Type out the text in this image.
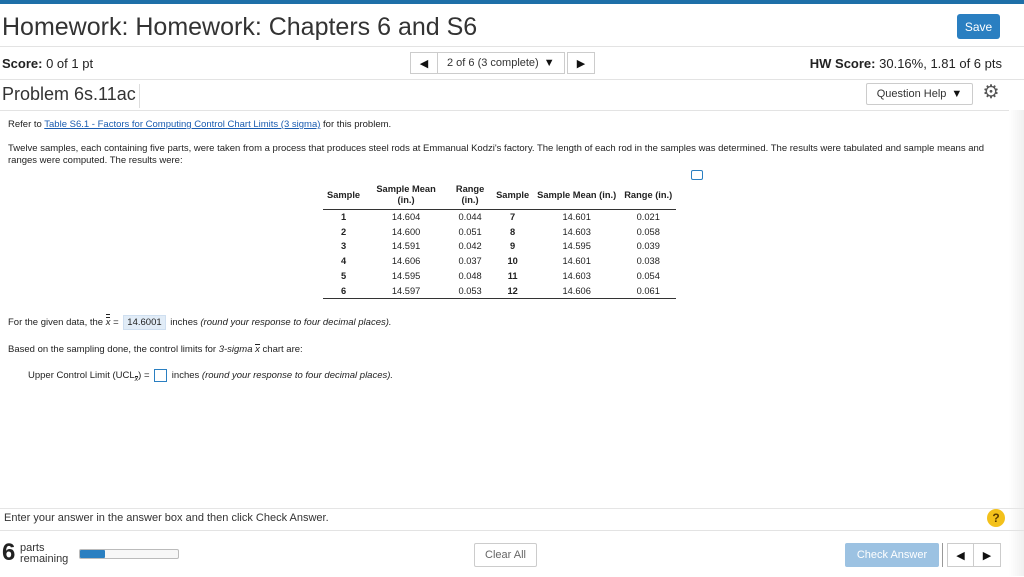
Homework: Homework: Chapters 6 and S6	Save
Score: 0 of 1 pt	◀ 2 of 6 (3 complete) ▼ ▶	HW Score: 30.16%, 1.81 of 6 pts
Problem 6s.11ac	Question Help ▼ ⚙
Refer to Table S6.1 - Factors for Computing Control Chart Limits (3 sigma) for this problem.
Twelve samples, each containing five parts, were taken from a process that produces steel rods at Emmanual Kodzi's factory. The length of each rod in the samples was determined. The results were tabulated and sample means and ranges were computed. The results were:
Sample	Sample Mean (in.)	Range (in.)	Sample	Sample Mean (in.)	Range (in.)
1	14.604	0.044	7	14.601	0.021
2	14.600	0.051	8	14.603	0.058
3	14.591	0.042	9	14.595	0.039
4	14.606	0.037	10	14.601	0.038
5	14.595	0.048	11	14.603	0.054
6	14.597	0.053	12	14.606	0.061
For the given data, the x = 14.6001 inches (round your response to four decimal places).
Based on the sampling done, the control limits for 3-sigma x chart are:
Upper Control Limit (UCL
$_x$) = inches (round your response to four decimal places).
Enter your answer in the answer box and then click Check Answer.	?
6 parts
remaining	Clear All	Check Answer	◀ ▶
